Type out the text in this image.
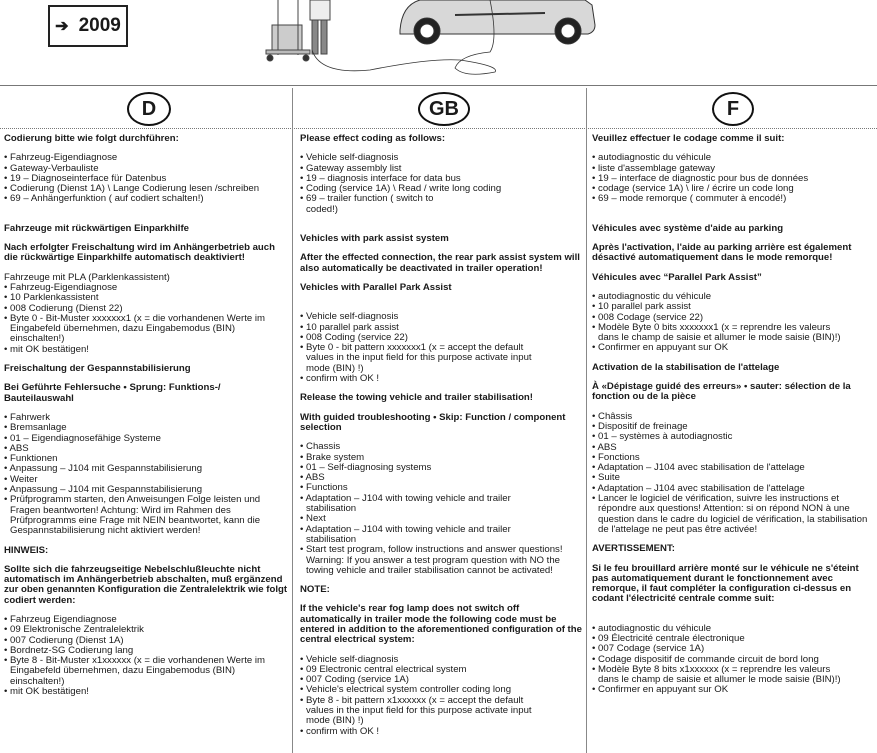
➔ 2009
D	GB	F

Codierung bitte wie folgt durchführen:

• Fahrzeug-Eigendiagnose
• Gateway-Verbauliste
• 19 – Diagnoseinterface für Datenbus
• Codierung (Dienst 1A) \ Lange Codierung lesen /schreiben
• 69 – Anhängerfunktion ( auf codiert schalten!)

Fahrzeuge mit rückwärtigen Einparkhilfe

Nach erfolgter Freischaltung wird im Anhängerbetrieb auch die rückwärtige Einparkhilfe automatisch deaktiviert!

Fahrzeuge mit PLA (Parklenkassistent)

• Fahrzeug-Eigendiagnose
• 10 Parklenkassistent
• 008 Codierung (Dienst 22)
• Byte 0 - Bit-Muster xxxxxxx1 (x = die vorhandenen Werte im Eingabefeld übernehmen, dazu Eingabemodus (BIN) einschalten!)
• mit OK bestätigen!

Freischaltung der Gespannstabilisierung

Bei Geführte Fehlersuche • Sprung: Funktions-/ Bauteilauswahl

• Fahrwerk
• Bremsanlage
• 01 – Eigendiagnosefähige Systeme
• ABS
• Funktionen
• Anpassung – J104 mit Gespannstabilisierung
• Weiter
• Anpassung – J104 mit Gespannstabilisierung
• Prüfprogramm starten, den Anweisungen Folge leisten und Fragen beantworten! Achtung: Wird im Rahmen des Prüfprogramms eine Frage mit NEIN beantwortet, kann die Gespannstabilisierung nicht aktiviert werden!

HINWEIS:

Sollte sich die fahrzeugseitige Nebelschlußleuchte nicht automatisch im Anhängerbetrieb abschalten, muß ergänzend zur oben genannten Konfiguration die Zentralelektrik wie folgt codiert werden:

• Fahrzeug Eigendiagnose
• 09 Elektronische Zentralelektrik
• 007 Codierung (Dienst 1A)
• Bordnetz-SG Codierung lang
• Byte 8 - Bit-Muster x1xxxxxx (x = die vorhandenen Werte im Eingabefeld übernehmen, dazu Eingabemodus (BIN) einschalten!)
• mit OK bestätigen!

Please effect coding as follows:

• Vehicle self-diagnosis
• Gateway assembly list
• 19 – diagnosis interface for data bus
• Coding (service 1A) \ Read / write long coding
• 69 – trailer function ( switch to coded!)

Vehicles with park assist system

After the effected connection, the rear park assist system will also automatically be deactivated in trailer operation!

Vehicles with Parallel Park Assist

• Vehicle self-diagnosis
• 10 parallel park assist
• 008 Coding (service 22)
• Byte 0 - bit pattern xxxxxxx1 (x = accept the default values in the input field for this purpose activate input mode (BIN) !)
• confirm with OK !

Release the towing vehicle and trailer stabilisation!

With guided troubleshooting • Skip: Function / component selection

• Chassis
• Brake system
• 01 – Self-diagnosing systems
• ABS
• Functions
• Adaptation – J104 with towing vehicle and trailer stabilisation
• Next
• Adaptation – J104 with towing vehicle and trailer stabilisation
• Start test program, follow instructions and answer questions! Warning: If you answer a test program question with NO the towing vehicle and trailer stabilisation cannot be activated!

NOTE:

If the vehicle's rear fog lamp does not switch off automatically in trailer mode the following code must be entered in addition to the aforementioned configuration of the central electrical system:

• Vehicle self-diagnosis
• 09 Electronic central electrical system
• 007 Coding (service 1A)
• Vehicle's electrical system controller coding long
• Byte 8 - bit pattern x1xxxxxx (x = accept the default values in the input field for this purpose activate input mode (BIN) !)
• confirm with OK !

Veuillez effectuer le codage comme il suit:

• autodiagnostic du véhicule
• liste d'assemblage gateway
• 19 – interface de diagnostic pour bus de données
• codage (service 1A) \ lire / écrire un code long
• 69 – mode remorque ( commuter à encodé!)

Véhicules avec système d'aide au parking

Après l'activation, l'aide au parking arrière est également désactivé automatiquement dans le mode remorque!

Véhicules avec “Parallel Park Assist”

• autodiagnostic du véhicule
• 10 parallel park assist
• 008 Codage (service 22)
• Modèle Byte 0 bits xxxxxxx1 (x = reprendre les valeurs dans le champ de saisie et allumer le mode saisie (BIN)!)
• Confirmer en appuyant sur OK

Activation de la stabilisation de l'attelage

À «Dépistage guidé des erreurs» • sauter: sélection de la fonction ou de la pièce

• Châssis
• Dispositif de freinage
• 01 – systèmes à autodiagnostic
• ABS
• Fonctions
• Adaptation – J104 avec stabilisation de l'attelage
• Suite
• Adaptation – J104 avec stabilisation de l'attelage
• Lancer le logiciel de vérification, suivre les instructions et répondre aux questions! Attention: si on répond NON à une question dans le cadre du logiciel de vérification, la stabilisation de l'attelage ne peut pas être activée!

AVERTISSEMENT:

Si le feu brouillard arrière monté sur le véhicule ne s'éteint pas automatiquement durant le fonctionnement avec remorque, il faut compléter la configuration ci-dessus en codant l'électricité centrale comme suit:

• autodiagnostic du véhicule
• 09 Électricité centrale électronique
• 007 Codage (service 1A)
• Codage dispositif de commande circuit de bord long
• Modèle Byte 8 bits x1xxxxxx (x = reprendre les valeurs dans le champ de saisie et allumer le mode saisie (BIN)!)
• Confirmer en appuyant sur OK
